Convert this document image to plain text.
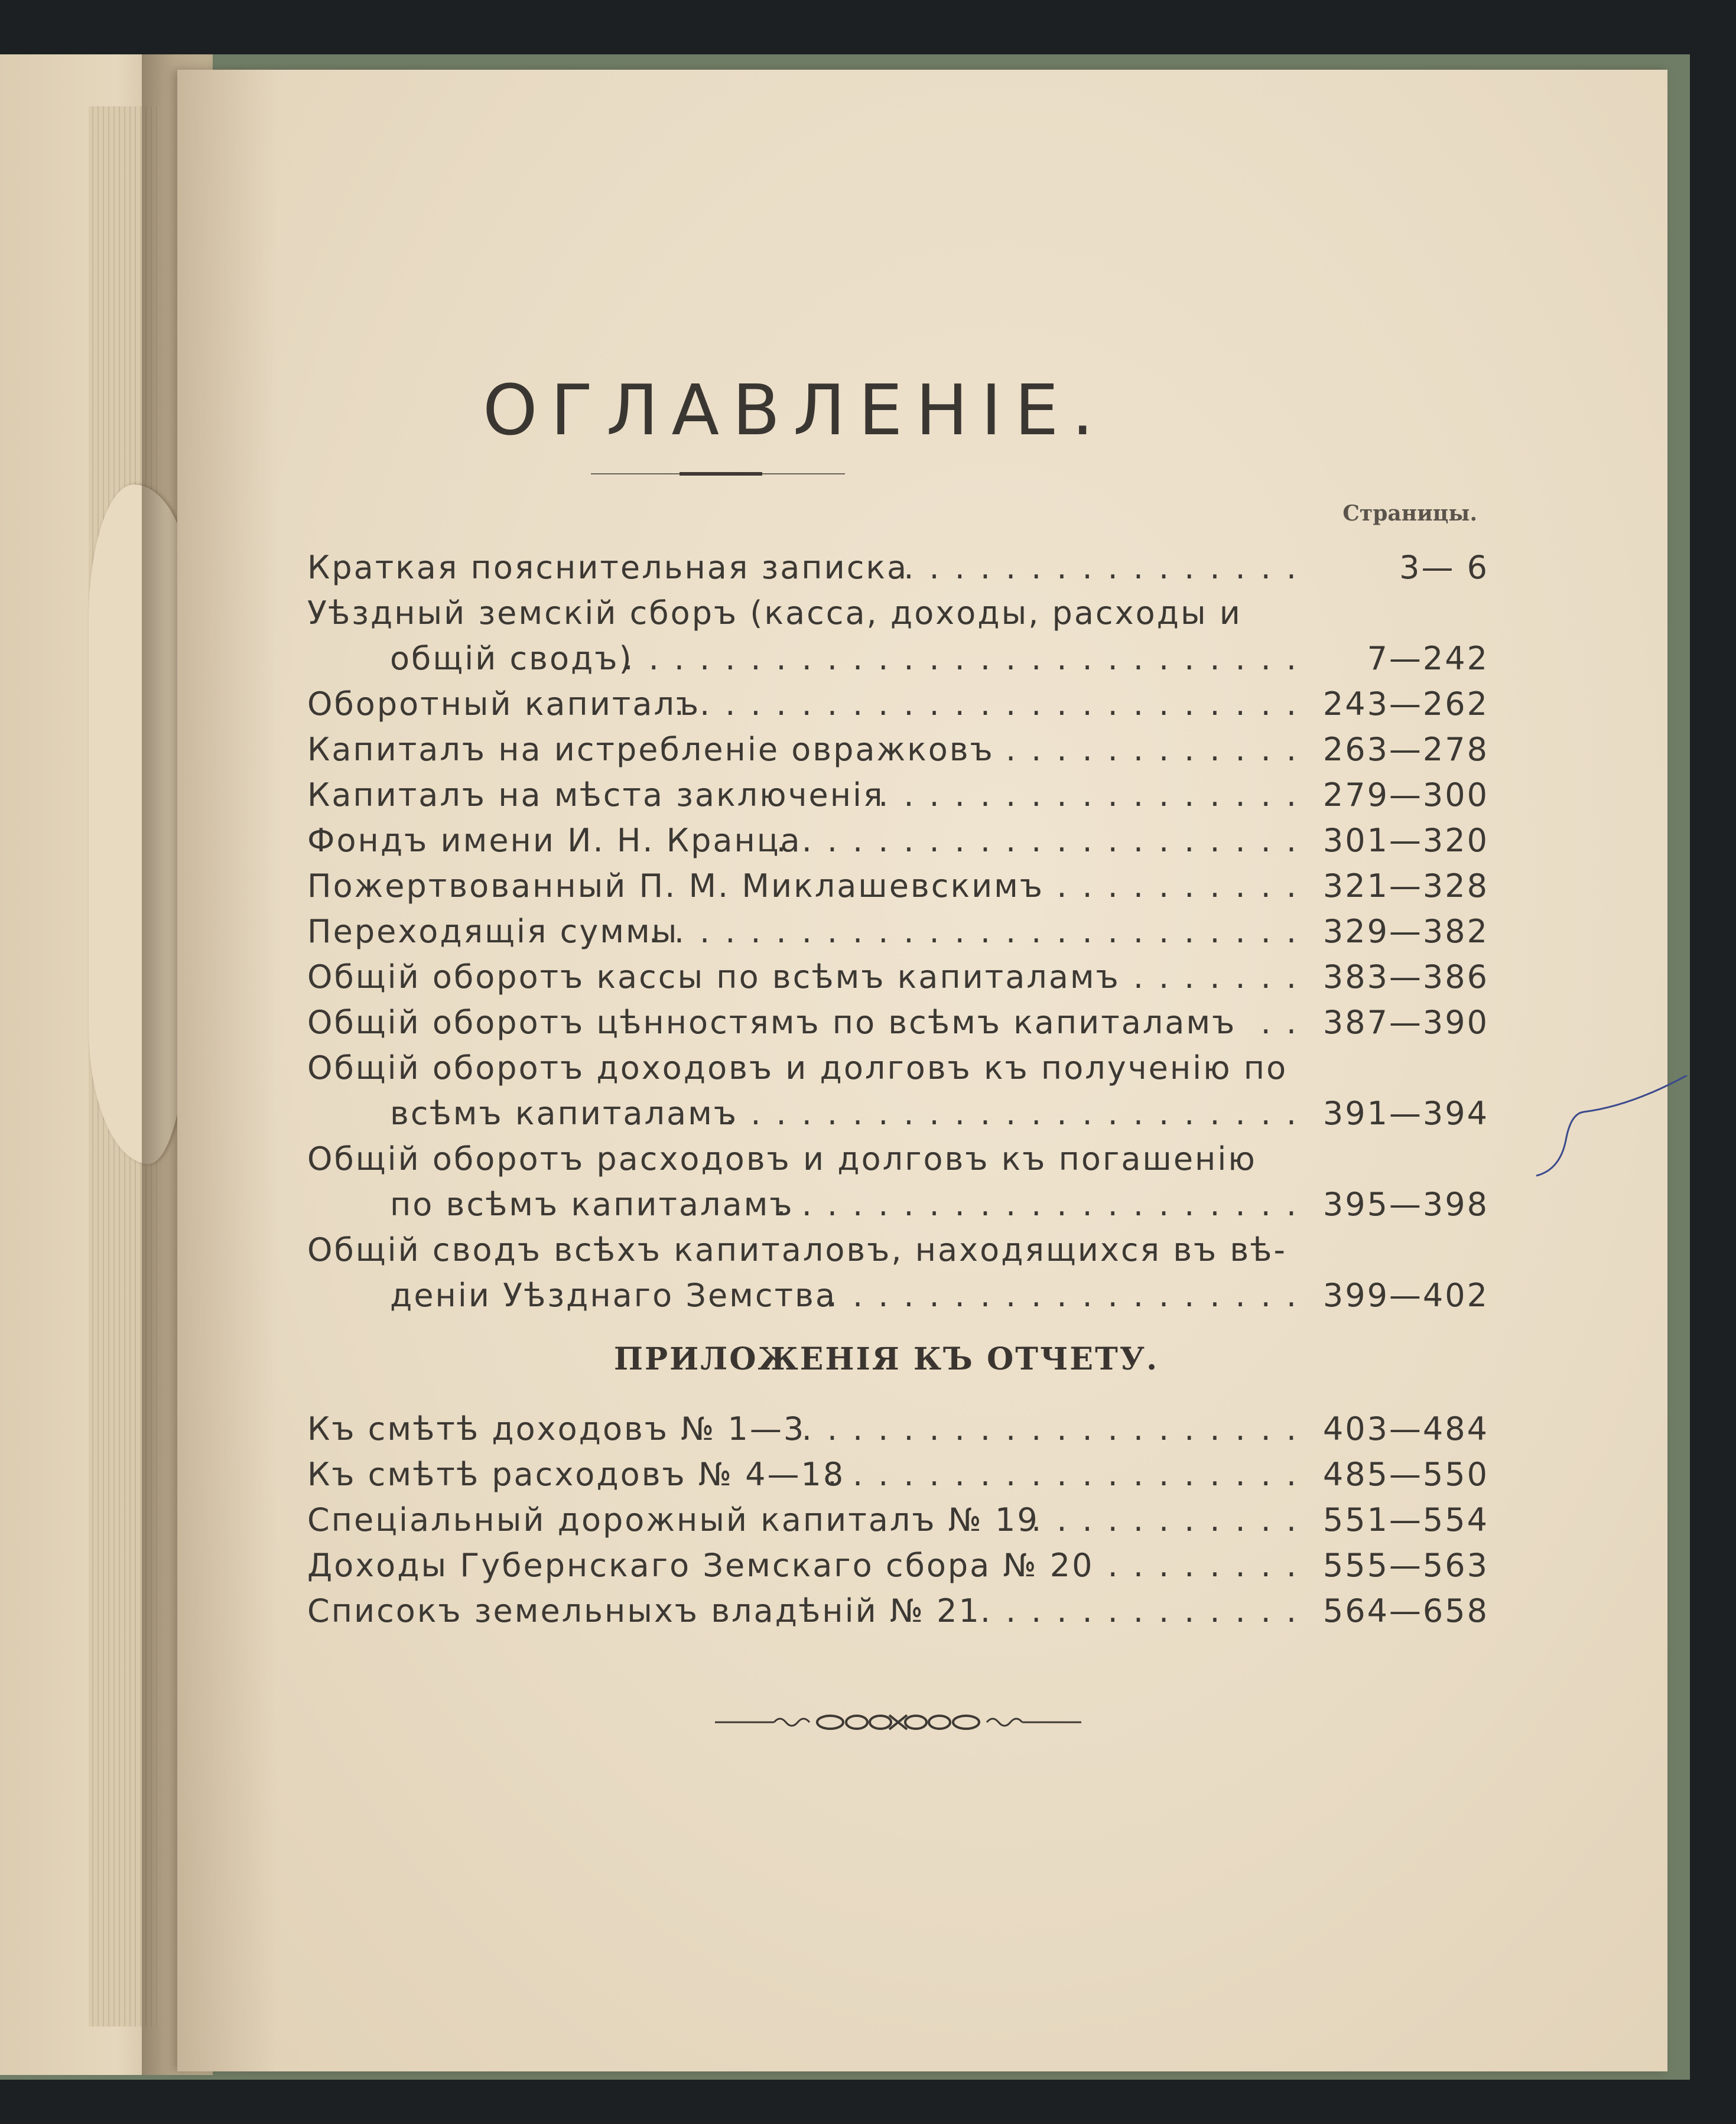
ОГЛАВЛЕНІЕ.
Страницы.
Краткая пояснительная записка
................	3— 6
Уѣздный земскій сборъ (касса, доходы, расходы и
общій сводъ)
............................	7—242
Оборотный капиталъ
......................... 243—262
Капиталъ на истребленіе овражковъ ............ 263—278
Капиталъ на мѣста заключенія
................. 279—300
Фондъ имени И. Н. Кранца
..................... 301—320
Пожертвованный П. М. Миклашевскимъ .......... 321—328
Переходящія суммы
.......................... 329—382
Общій оборотъ кассы по всѣмъ капиталамъ ....... 383—386
Общій оборотъ цѣнностямъ по всѣмъ капиталамъ .. 387—390
Общій оборотъ доходовъ и долговъ къ полученію по
всѣмъ капиталамъ
....................... 391—394
Общій оборотъ расходовъ и долговъ къ погашенію
по всѣмъ капиталамъ
..................... 395—398
Общій сводъ всѣхъ капиталовъ, находящихся въ вѣ-
деніи Уѣзднаго Земства
................... 399—402
ПРИЛОЖЕНІЯ КЪ ОТЧЕТУ.
Къ смѣтѣ доходовъ № 1—3
.................... 403—484
Къ смѣтѣ расходовъ № 4—18
................... 485—550
Спеціальный дорожный капиталъ № 19
........... 551—554
Доходы Губернскаго Земскаго сбора № 20 ........ 555—563
Списокъ земельныхъ владѣній № 21
............. 564—658
